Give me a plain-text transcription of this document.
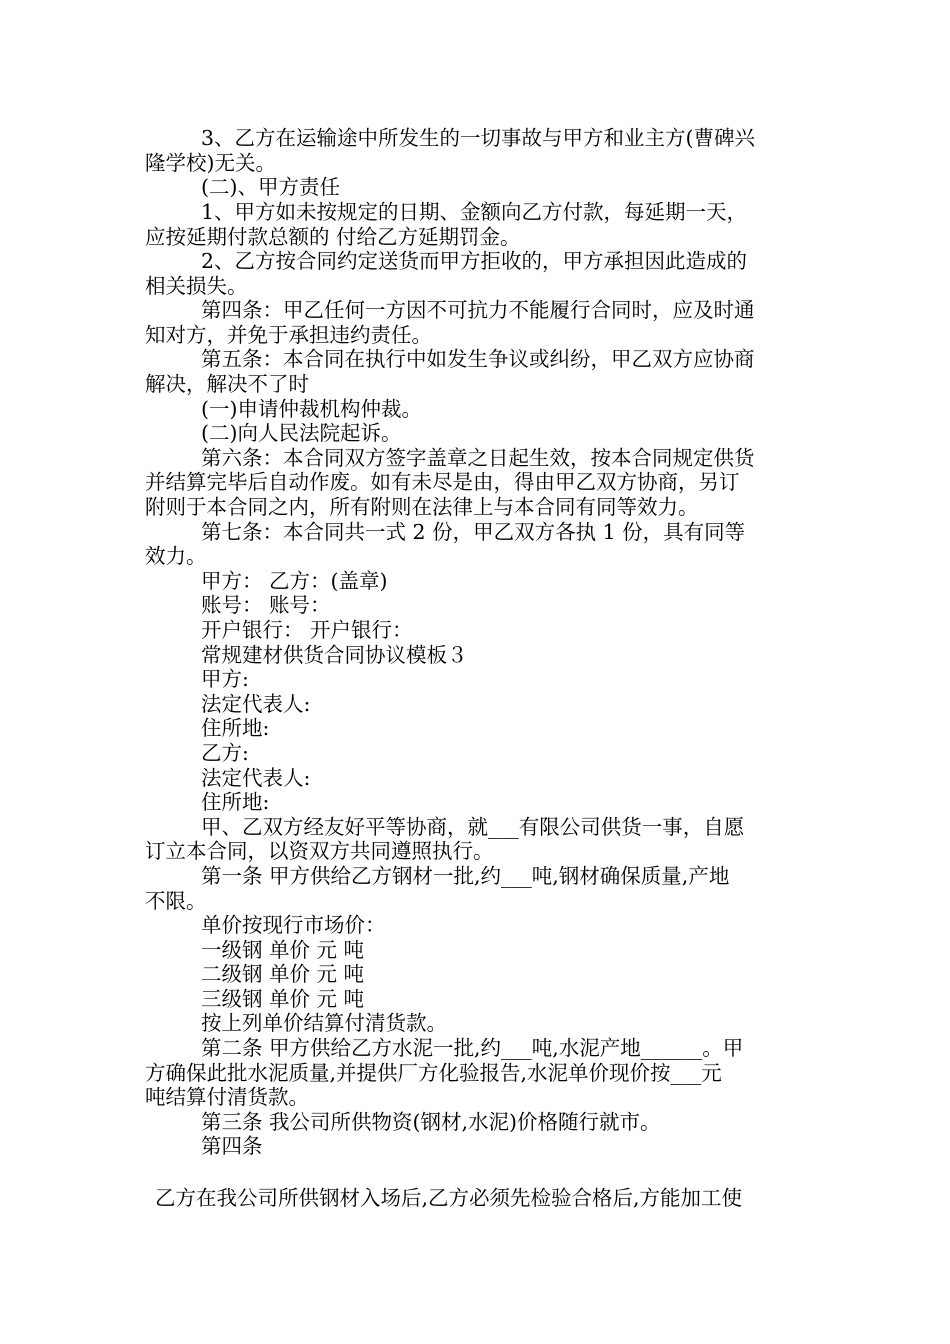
3、乙方在运输途中所发生的一切事故与甲方和业主方(曹碑兴
隆学校)无关。
(二)、甲方责任
1、甲方如未按规定的日期、金额向乙方付款，每延期一天，
应按延期付款总额的 付给乙方延期罚金。
2、乙方按合同约定送货而甲方拒收的，甲方承担因此造成的
相关损失。
第四条：甲乙任何一方因不可抗力不能履行合同时，应及时通
知对方，并免于承担违约责任。
第五条：本合同在执行中如发生争议或纠纷，甲乙双方应协商
解决，解决不了时
(一)申请仲裁机构仲裁。
(二)向人民法院起诉。
第六条：本合同双方签字盖章之日起生效，按本合同规定供货
并结算完毕后自动作废。如有未尽是由，得由甲乙双方协商，另订
附则于本合同之内，所有附则在法律上与本合同有同等效力。
第七条：本合同共一式 2 份，甲乙双方各执 1 份，具有同等
效力。
甲方： 乙方：(盖章)
账号： 账号：
开户银行： 开户银行：
常规建材供货合同协议模板３
甲方:
法定代表人:
住所地:
乙方:
法定代表人:
住所地:
甲、乙双方经友好平等协商，就___有限公司供货一事，自愿
订立本合同，以资双方共同遵照执行。
第一条 甲方供给乙方钢材一批,约___吨,钢材确保质量,产地
不限。
单价按现行市场价：
一级钢 单价 元 吨
二级钢 单价 元 吨
三级钢 单价 元 吨
按上列单价结算付清货款。
第二条 甲方供给乙方水泥一批,约___吨,水泥产地______。甲
方确保此批水泥质量,并提供厂方化验报告,水泥单价现价按___元
吨结算付清货款。
第三条 我公司所供物资(钢材,水泥)价格随行就市。
第四条
乙方在我公司所供钢材入场后,乙方必须先检验合格后,方能加工使
